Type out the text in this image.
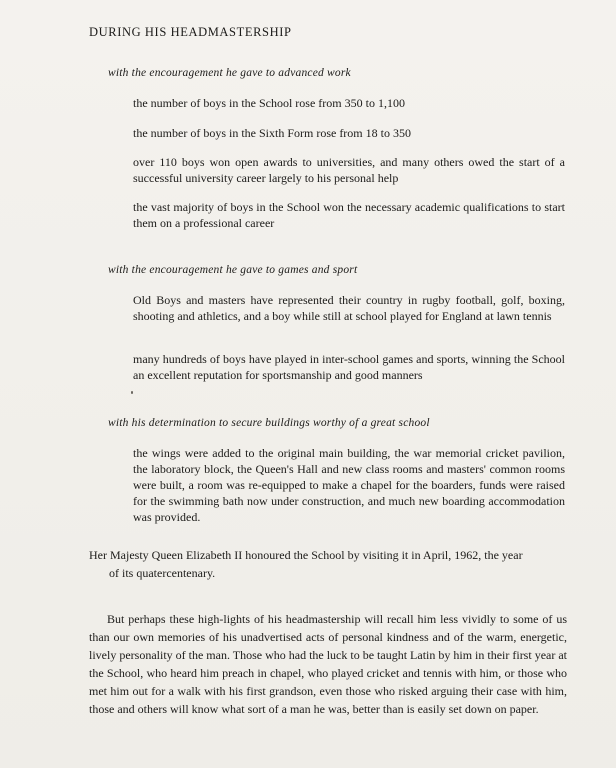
DURING HIS HEADMASTERSHIP
with the encouragement he gave to advanced work
the number of boys in the School rose from 350 to 1,100
the number of boys in the Sixth Form rose from 18 to 350
over 110 boys won open awards to universities, and many others owed the start of a successful university career largely to his personal help
the vast majority of boys in the School won the necessary academic qualifications to start them on a professional career
with the encouragement he gave to games and sport
Old Boys and masters have represented their country in rugby football, golf, boxing, shooting and athletics, and a boy while still at school played for England at lawn tennis
many hundreds of boys have played in inter-school games and sports, winning the School an excellent reputation for sportsmanship and good manners
with his determination to secure buildings worthy of a great school
the wings were added to the original main building, the war memorial cricket pavilion, the laboratory block, the Queen's Hall and new class rooms and masters' common rooms were built, a room was re-equipped to make a chapel for the boarders, funds were raised for the swimming bath now under construction, and much new boarding accommodation was provided.
Her Majesty Queen Elizabeth II honoured the School by visiting it in April, 1962, the year
of its quatercentenary.
But perhaps these high-lights of his headmastership will recall him less vividly to some of us than our own memories of his unadvertised acts of personal kindness and of the warm, energetic, lively personality of the man. Those who had the luck to be taught Latin by him in their first year at the School, who heard him preach in chapel, who played cricket and tennis with him, or those who met him out for a walk with his first grandson, even those who risked arguing their case with him, those and others will know what sort of a man he was, better than is easily set down on paper.
